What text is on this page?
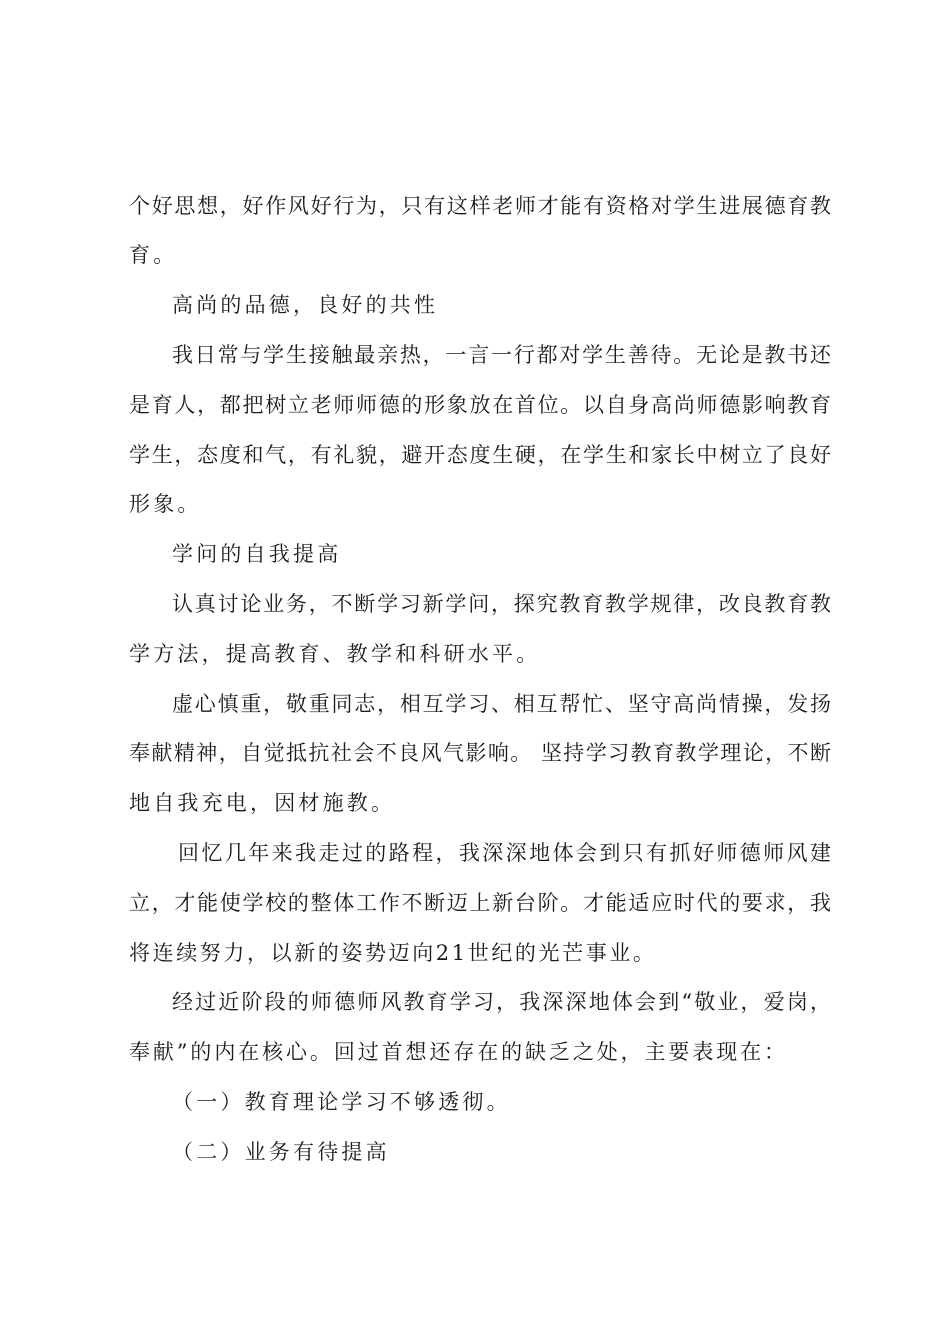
个好思想，好作风好行为，只有这样老师才能有资格对学生进展德育教
育。
高尚的品德，良好的共性
我日常与学生接触最亲热，一言一行都对学生善待。无论是教书还
是育人，都把树立老师师德的形象放在首位。以自身高尚师德影响教育
学生，态度和气，有礼貌，避开态度生硬，在学生和家长中树立了良好
形象。
学问的自我提高
认真讨论业务，不断学习新学问，探究教育教学规律，改良教育教
学方法，提高教育、教学和科研水平。
虚心慎重，敬重同志，相互学习、相互帮忙、坚守高尚情操，发扬
奉献精神，自觉抵抗社会不良风气影响。 坚持学习教育教学理论，不断
地自我充电，因材施教。
回忆几年来我走过的路程，我深深地体会到只有抓好师德师风建
立，才能使学校的整体工作不断迈上新台阶。才能适应时代的要求，我
将连续努力，以新的姿势迈向21世纪的光芒事业。
经过近阶段的师德师风教育学习，我深深地体会到“敬业，爱岗，
奉献”的内在核心。回过首想还存在的缺乏之处，主要表现在：
（一）教育理论学习不够透彻。
（二）业务有待提高
